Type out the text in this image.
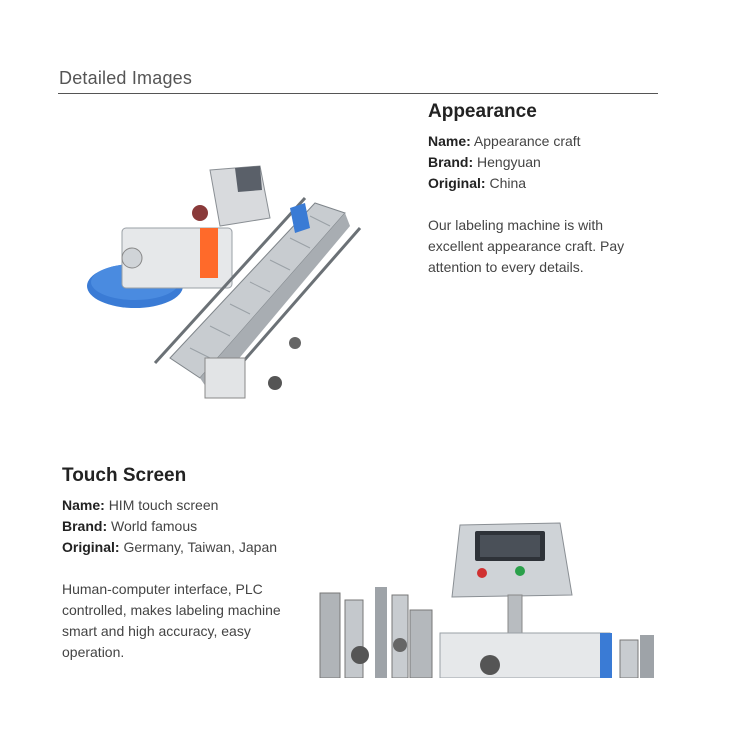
Detailed Images
Appearance
Name: Appearance craft
Brand: Hengyuan
Original: China
Our labeling machine is with excellent appearance craft. Pay attention to every details.
Touch Screen
Name: HIM touch screen
Brand: World famous
Original: Germany, Taiwan, Japan
Human-computer interface, PLC controlled, makes labeling machine smart and high accuracy, easy operation.
